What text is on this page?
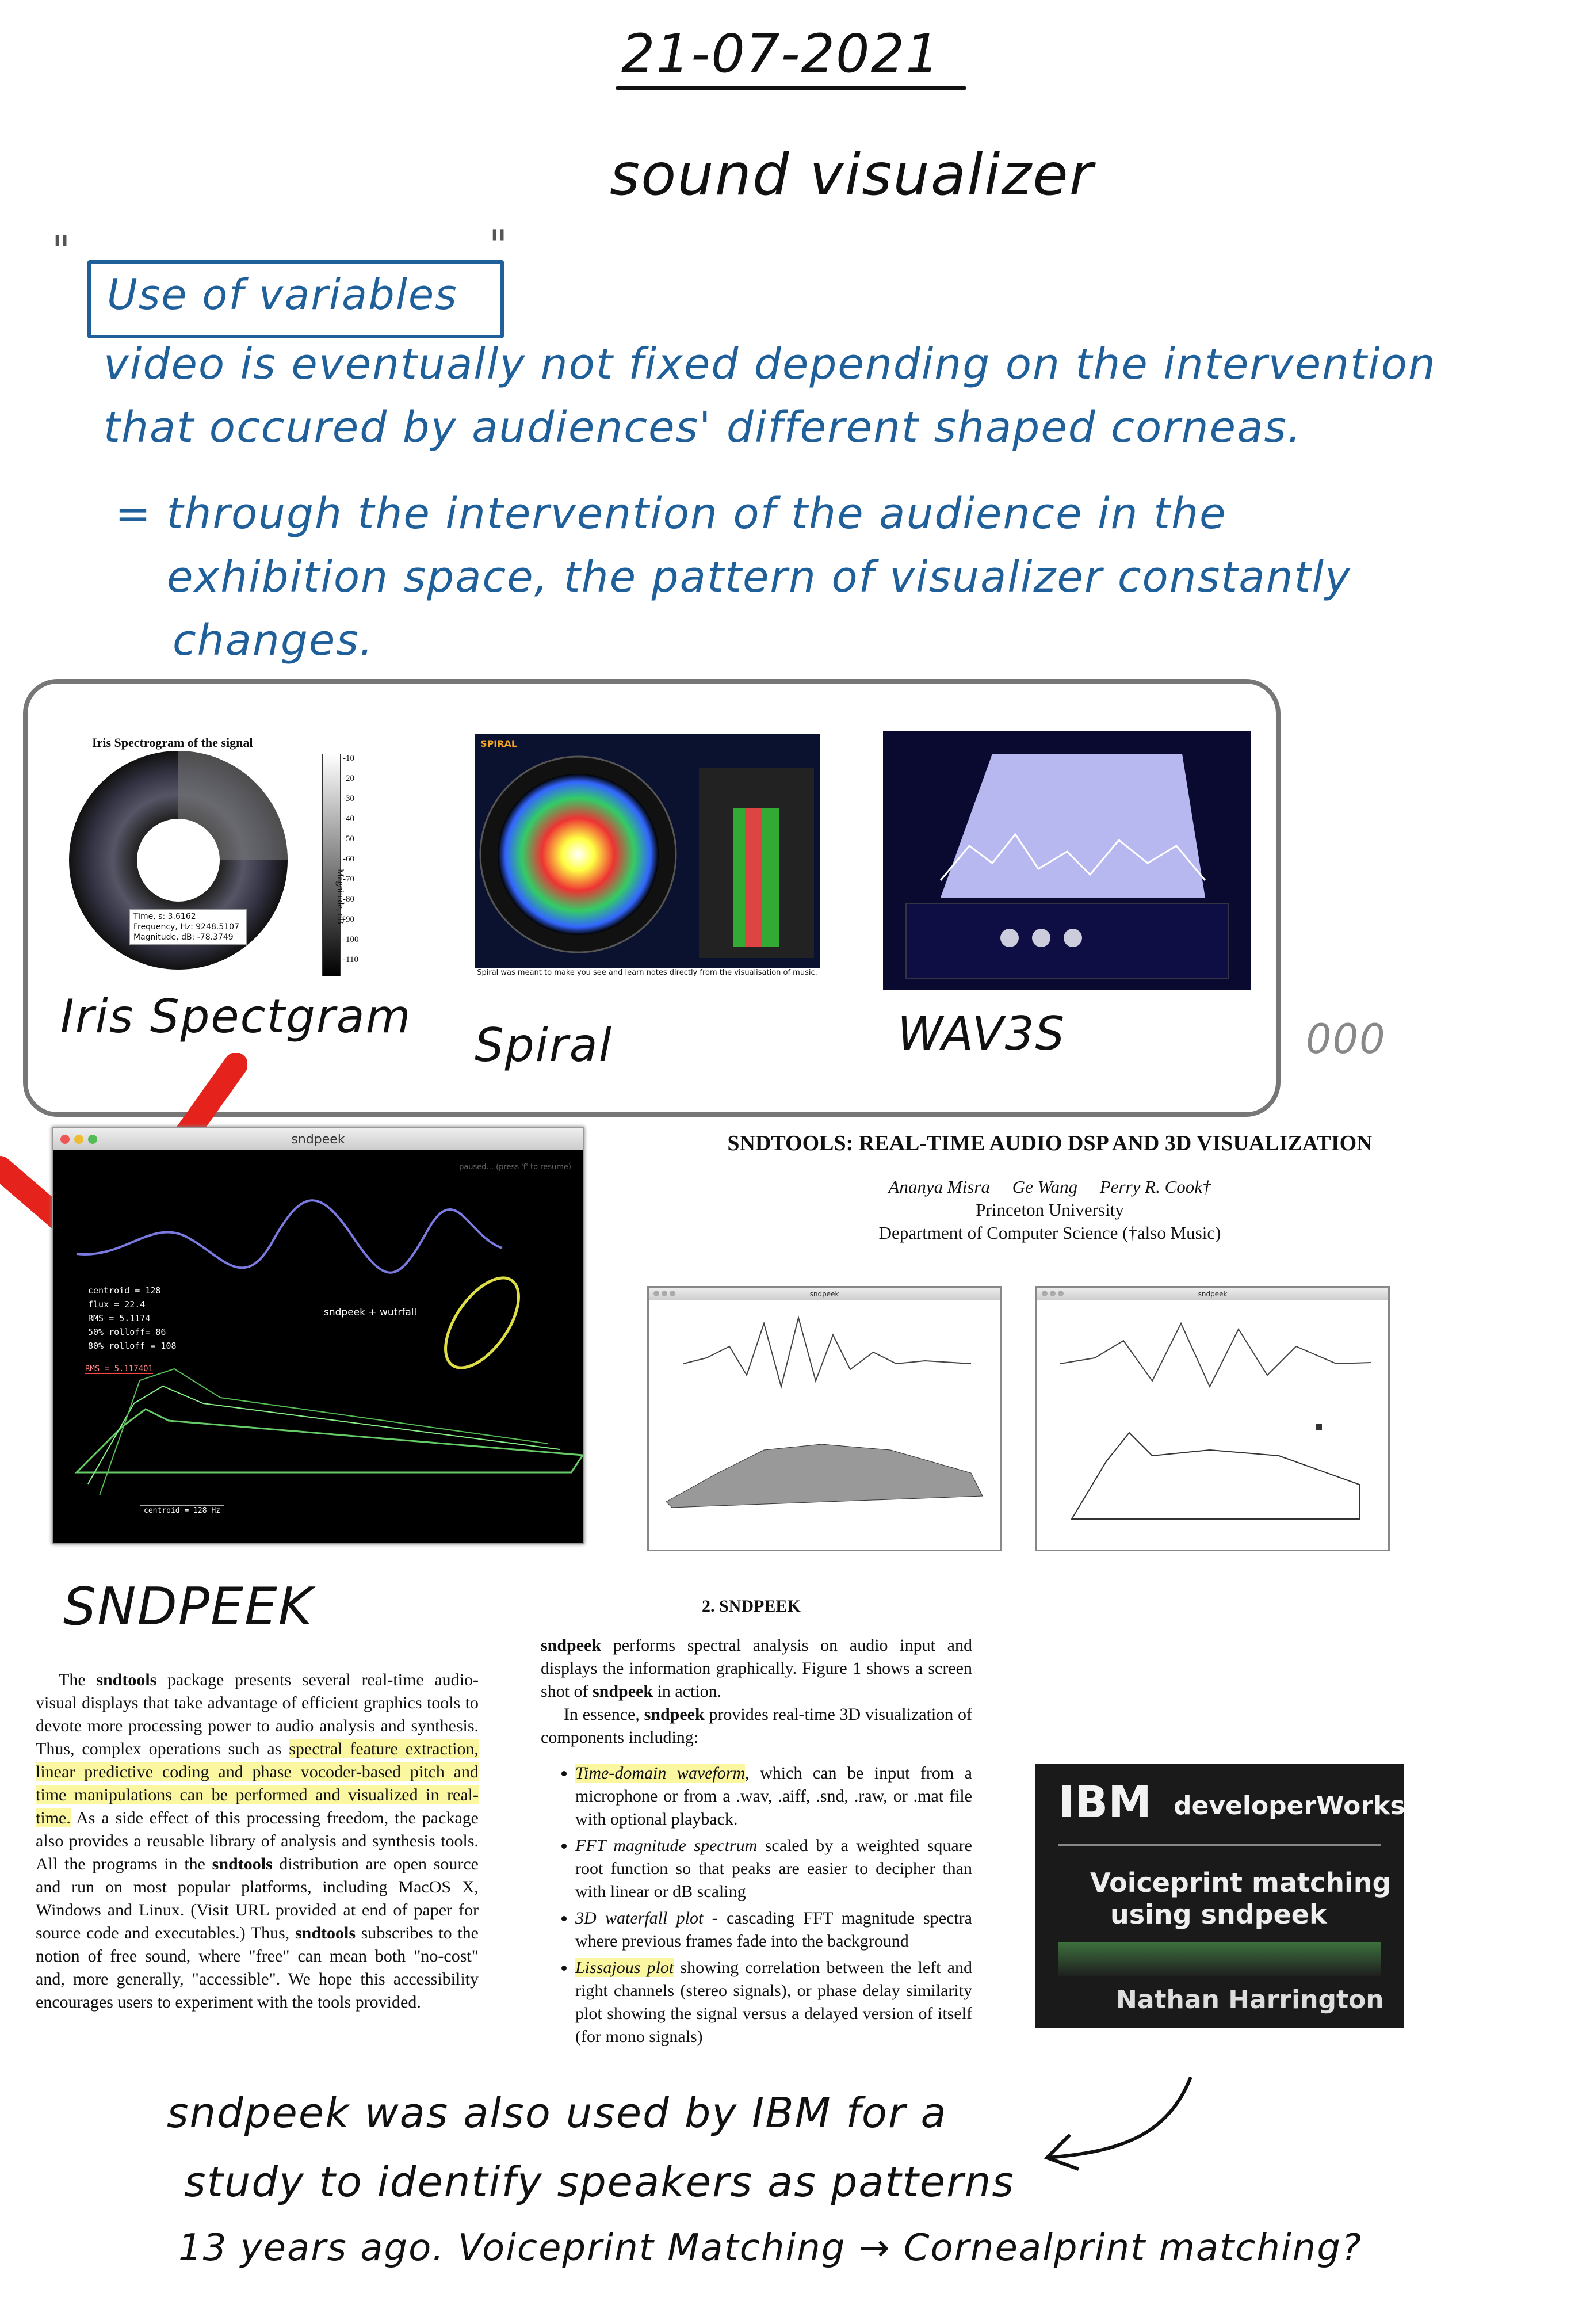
21-07-2021
sound visualizer
"	"
Use of variables
video is eventually not fixed depending on the intervention
that occured by audiences' different shaped corneas.
= through the intervention of the audience in the
exhibition space, the pattern of visualizer constantly
changes.
Iris Spectrogram of the signal
Time, s: 3.6162
Frequency, Hz: 9248.5107
Magnitude, dB: -78.3749
-10
-20
-30
-40
-50
-60
-70
-80
-90
-100
-110
Magnitude, dB
Iris Spectgram
SPIRAL
Spiral was meant to make you see and learn notes directly from the visualisation of music.
Spiral	WAV3S	000
sndpeek
paused... (press 'f' to resume)
centroid = 128
flux = 22.4
RMS = 5.1174
50% rolloff= 86
80% rolloff = 108
RMS = 5.117401
sndpeek + wutrfall
centroid = 128 Hz
SNDPEEK
SNDTOOLS: REAL-TIME AUDIO DSP AND 3D VISUALIZATION
Ananya Misra     Ge Wang     Perry R. Cook†
Princeton University
Department of Computer Science (†also Music)
sndpeek	sndpeek
2. SNDPEEK
The sndtools package presents several real-time audio-visual displays that take advantage of efficient graphics tools to devote more processing power to audio analysis and synthesis. Thus, complex operations such as spectral feature extraction, linear predictive coding and phase vocoder-based pitch and time manipulations can be performed and visualized in real-time. As a side effect of this processing freedom, the package also provides a reusable library of analysis and synthesis tools. All the programs in the sndtools distribution are open source and run on most popular platforms, including MacOS X, Windows and Linux. (Visit URL provided at end of paper for source code and executables.) Thus, sndtools subscribes to the notion of free sound, where "free" can mean both "no-cost" and, more generally, "accessible". We hope this accessibility encourages users to experiment with the tools provided.
sndpeek performs spectral analysis on audio input and displays the information graphically. Figure 1 shows a screen shot of sndpeek in action.
In essence, sndpeek provides real-time 3D visualization of components including:
• Time-domain waveform, which can be input from a microphone or from a .wav, .aiff, .snd, .raw, or .mat file with optional playback.
• FFT magnitude spectrum scaled by a weighted square root function so that peaks are easier to decipher than with linear or dB scaling
• 3D waterfall plot - cascading FFT magnitude spectra where previous frames fade into the background
• Lissajous plot showing correlation between the left and right channels (stereo signals), or phase delay similarity plot showing the signal versus a delayed version of itself (for mono signals)
IBM developerWorks
Voiceprint matching
using sndpeek
Nathan Harrington
sndpeek was also used by IBM for a
study to identify speakers as patterns
13 years ago. Voiceprint Matching → Cornealprint matching?
